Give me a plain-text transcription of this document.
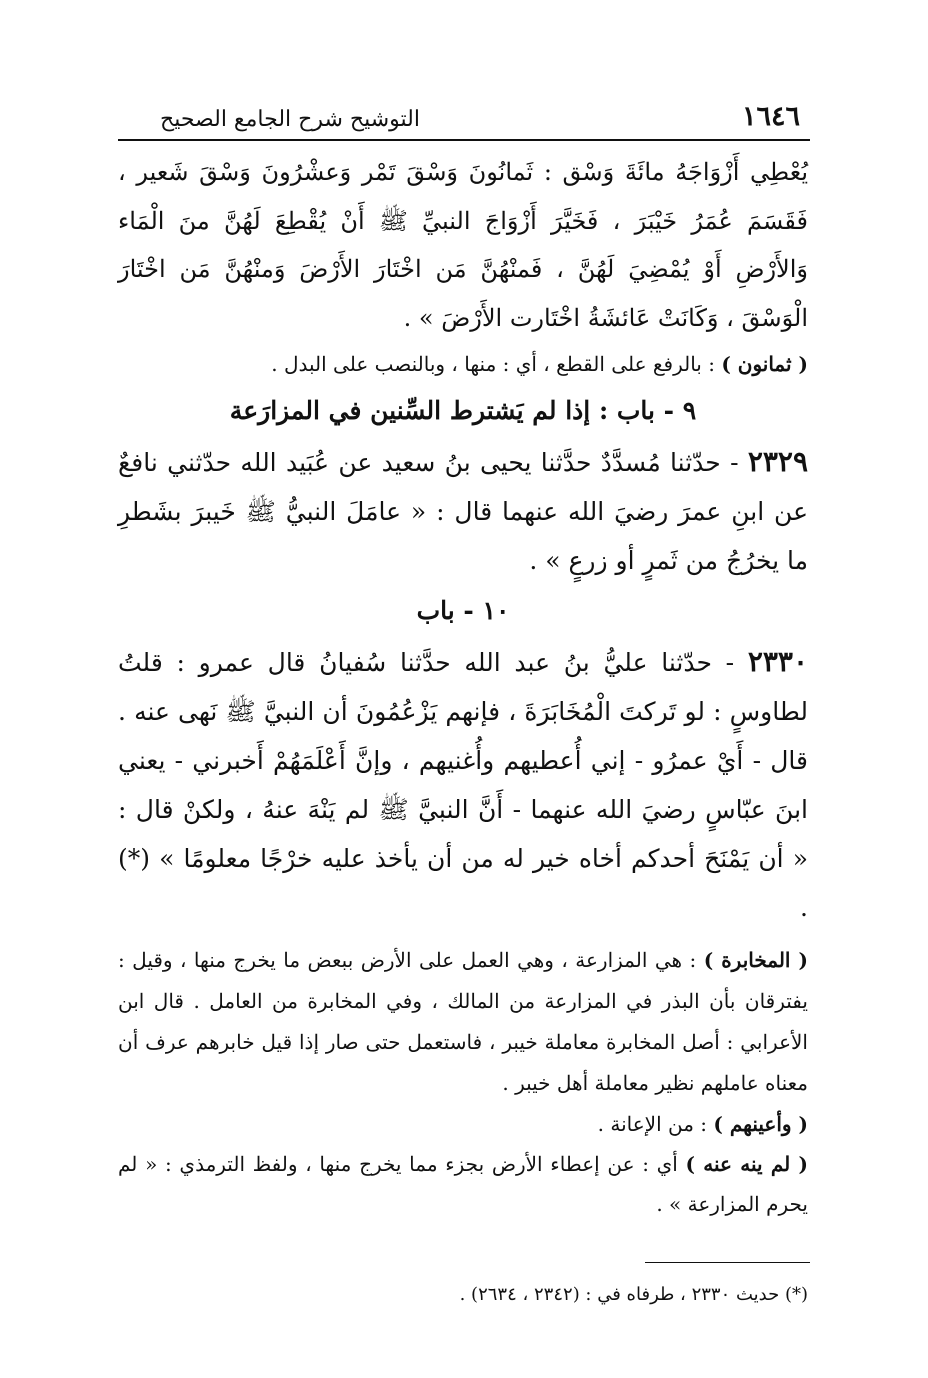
١٦٤٦
التوشيح شرح الجامع الصحيح

يُعْطِي أَزْوَاجَهُ مائَةَ وَسْق : ثَمانُونَ وَسْقَ تَمْر وَعشْرُونَ وَسْقَ شَعير ، فَقَسَمَ عُمَرُ خَيْبَرَ ، فَخَيَّرَ أَزْوَاجَ النبيِّ ﷺ أَنْ يُقْطِعَ لَهُنَّ منَ الْمَاء وَالأَرْضِ أَوْ يُمْضِيَ لَهُنَّ ، فَمنْهُنَّ مَن اخْتَارَ الأَرْضَ وَمنْهُنَّ مَن اخْتَارَ الْوَسْقَ ، وَكَانَتْ عَائشَةُ اخْتَارت الأَرْضَ » .

( ثمانون ) : بالرفع على القطع ، أي : منها ، وبالنصب على البدل .

٩ - باب : إذا لم يَشترط السِّنين في المزارَعة

٢٣٢٩ - حدّثنا مُسدَّدٌ حدَّثنا يحيى بنُ سعيد عن عُبَيد الله حدّثني نافعٌ عن ابنِ عمرَ رضيَ الله عنهما قال : « عامَلَ النبيُّ ﷺ خَيبرَ بشَطرِ ما يخرُجُ من ثَمرٍ أو زرعٍ » .

١٠ - باب

٢٣٣٠ - حدّثنا عليُّ بنُ عبد الله حدَّثنا سُفيانُ قال عمرو : قلتُ لطاوسٍ : لو تَركتَ الْمُخَابَرَةَ ، فإنهم يَزْعُمُونَ أن النبيَّ ﷺ نَهى عنه . قال - أَيْ عمرُو - إني أُعطيهم وأُغنيهم ، وإنَّ أَعْلَمَهُمْ أَخبرني - يعني ابنَ عبّاسٍ رضيَ الله عنهما - أَنَّ النبيَّ ﷺ لم يَنْهَ عنهُ ، ولكنْ قال : « أن يَمْنَحَ أحدكم أخاه خير له من أن يأخذ عليه خرْجًا معلومًا » (*) .

( المخابرة ) : هي المزارعة ، وهي العمل على الأرض ببعض ما يخرج منها ، وقيل : يفترقان بأن البذر في المزارعة من المالك ، وفي المخابرة من العامل . قال ابن الأعرابي : أصل المخابرة معاملة خيبر ، فاستعمل حتى صار إذا قيل خابرهم عرف أن معناه عاملهم نظير معاملة أهل خيبر .

( وأعينهم ) : من الإعانة .

( لم ينه عنه ) أي : عن إعطاء الأرض بجزء مما يخرج منها ، ولفظ الترمذي : « لم يحرم المزارعة » .

(*) حديث ٢٣٣٠ ، طرفاه في : (٢٣٤٢ ، ٢٦٣٤) .
